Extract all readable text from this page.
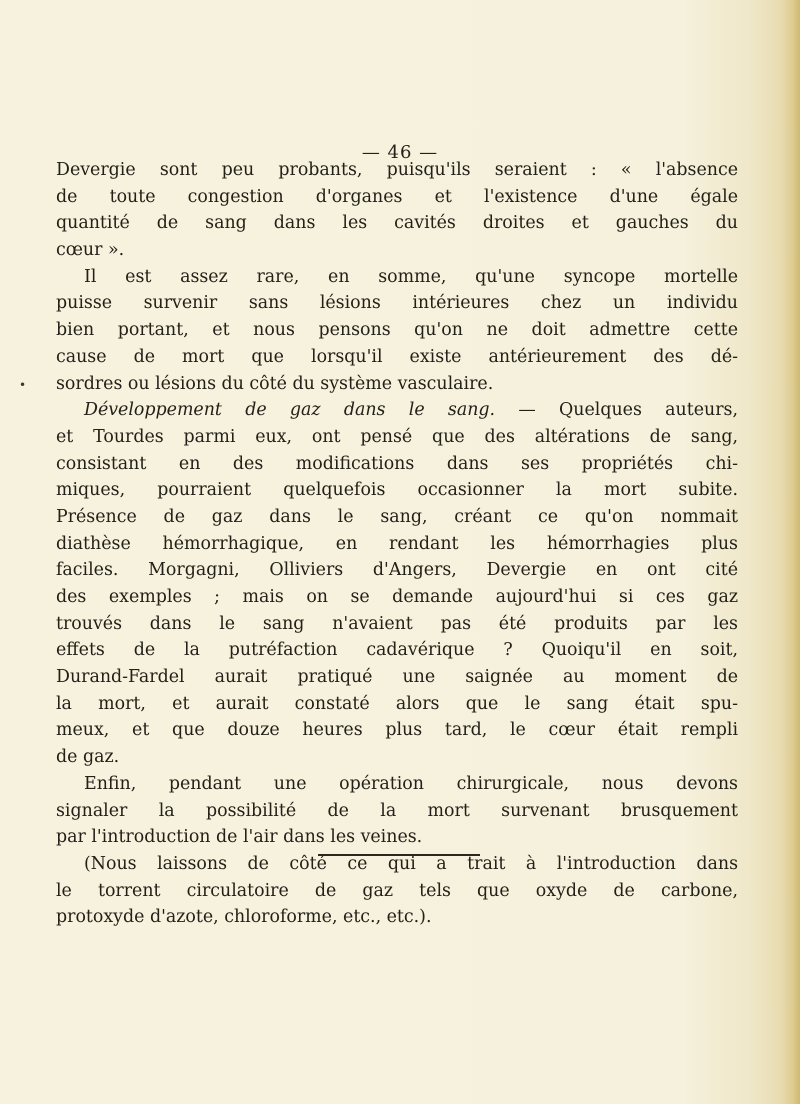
— 46 —

•

Devergie sont peu probants, puisqu'ils seraient : « l'absence

de toute congestion d'organes et l'existence d'une égale

quantité de sang dans les cavités droites et gauches du

cœur ».

Il est assez rare, en somme, qu'une syncope mortelle

puisse survenir sans lésions intérieures chez un individu

bien portant, et nous pensons qu'on ne doit admettre cette

cause de mort que lorsqu'il existe antérieurement des dé-

sordres ou lésions du côté du système vasculaire.

Développement de gaz dans le sang. — Quelques auteurs,

et Tourdes parmi eux, ont pensé que des altérations de sang,

consistant en des modifications dans ses propriétés chi-

miques, pourraient quelquefois occasionner la mort subite.

Présence de gaz dans le sang, créant ce qu'on nommait

diathèse hémorrhagique, en rendant les hémorrhagies plus

faciles. Morgagni, Olliviers d'Angers, Devergie en ont cité

des exemples ; mais on se demande aujourd'hui si ces gaz

trouvés dans le sang n'avaient pas été produits par les

effets de la putréfaction cadavérique ? Quoiqu'il en soit,

Durand-Fardel aurait pratiqué une saignée au moment de

la mort, et aurait constaté alors que le sang était spu-

meux, et que douze heures plus tard, le cœur était rempli

de gaz.

Enfin, pendant une opération chirurgicale, nous devons

signaler la possibilité de la mort survenant brusquement

par l'introduction de l'air dans les veines.

(Nous laissons de côté ce qui a trait à l'introduction dans

le torrent circulatoire de gaz tels que oxyde de carbone,

protoxyde d'azote, chloroforme, etc., etc.).
